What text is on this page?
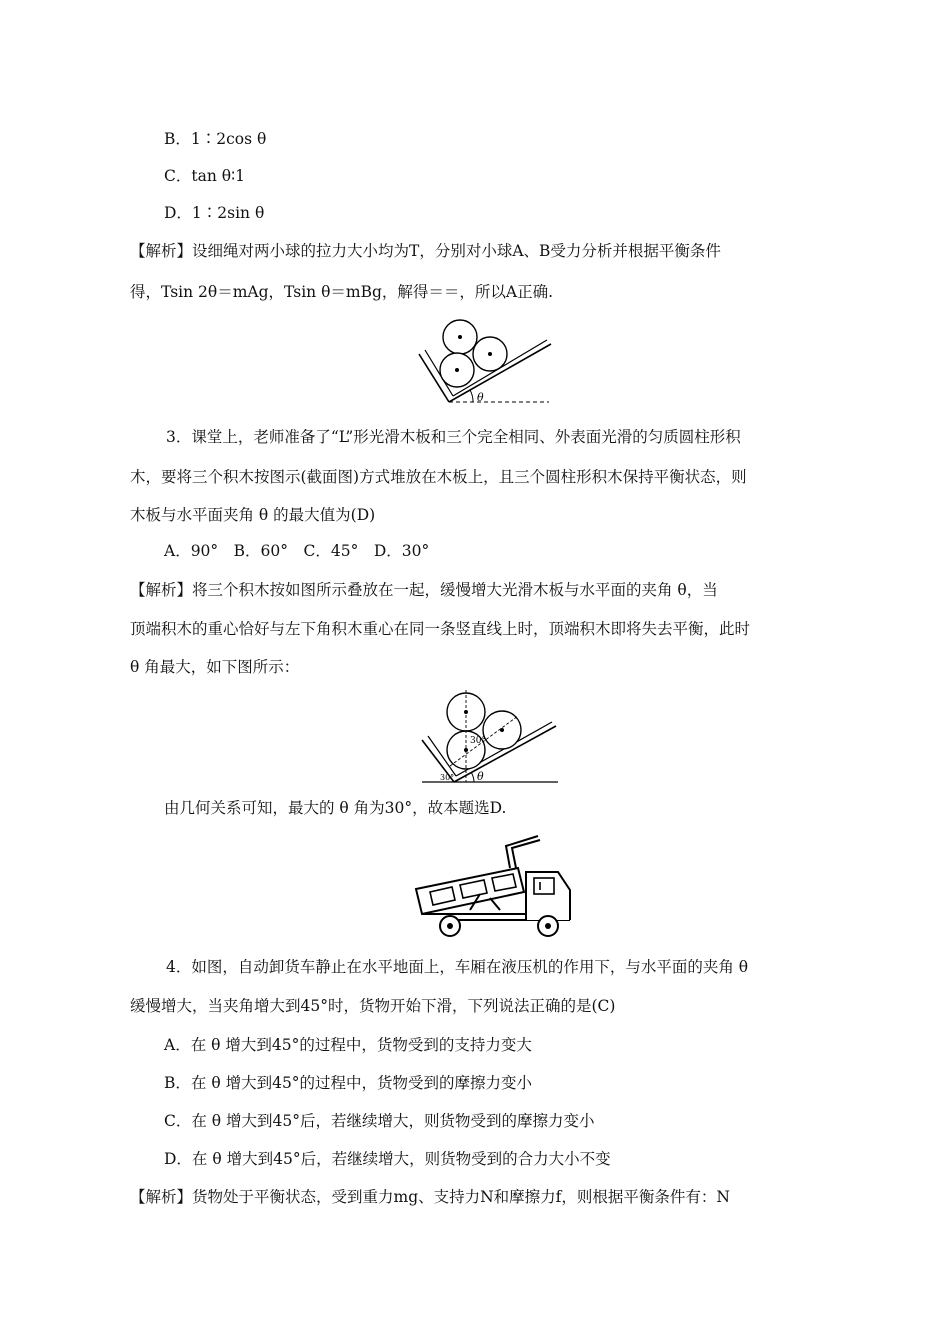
B．1∶2cos θ
C．tan θ∶1
D．1∶2sin θ
【解析】设细绳对两小球的拉力大小均为T，分别对小球A、B受力分析并根据平衡条件
得，Tsin 2θ＝mAg，Tsin θ＝mBg，解得＝＝，所以A正确.
θ
3．课堂上，老师准备了“L”形光滑木板和三个完全相同、外表面光滑的匀质圆柱形积
木，要将三个积木按图示(截面图)方式堆放在木板上，且三个圆柱形积木保持平衡状态，则
木板与水平面夹角 θ 的最大值为(D)
A．90°　B．60°　C．45°　D．30°
【解析】将三个积木按如图所示叠放在一起，缓慢增大光滑木板与水平面的夹角 θ，当
顶端积木的重心恰好与左下角积木重心在同一条竖直线上时，顶端积木即将失去平衡，此时
θ 角最大，如下图所示：
30°
30° θ
由几何关系可知，最大的 θ 角为30°，故本题选D.
4．如图，自动卸货车静止在水平地面上，车厢在液压机的作用下，与水平面的夹角 θ
缓慢增大，当夹角增大到45°时，货物开始下滑，下列说法正确的是(C)
A．在 θ 增大到45°的过程中，货物受到的支持力变大
B．在 θ 增大到45°的过程中，货物受到的摩擦力变小
C．在 θ 增大到45°后，若继续增大，则货物受到的摩擦力变小
D．在 θ 增大到45°后，若继续增大，则货物受到的合力大小不变
【解析】货物处于平衡状态，受到重力mg、支持力N和摩擦力f，则根据平衡条件有：N
